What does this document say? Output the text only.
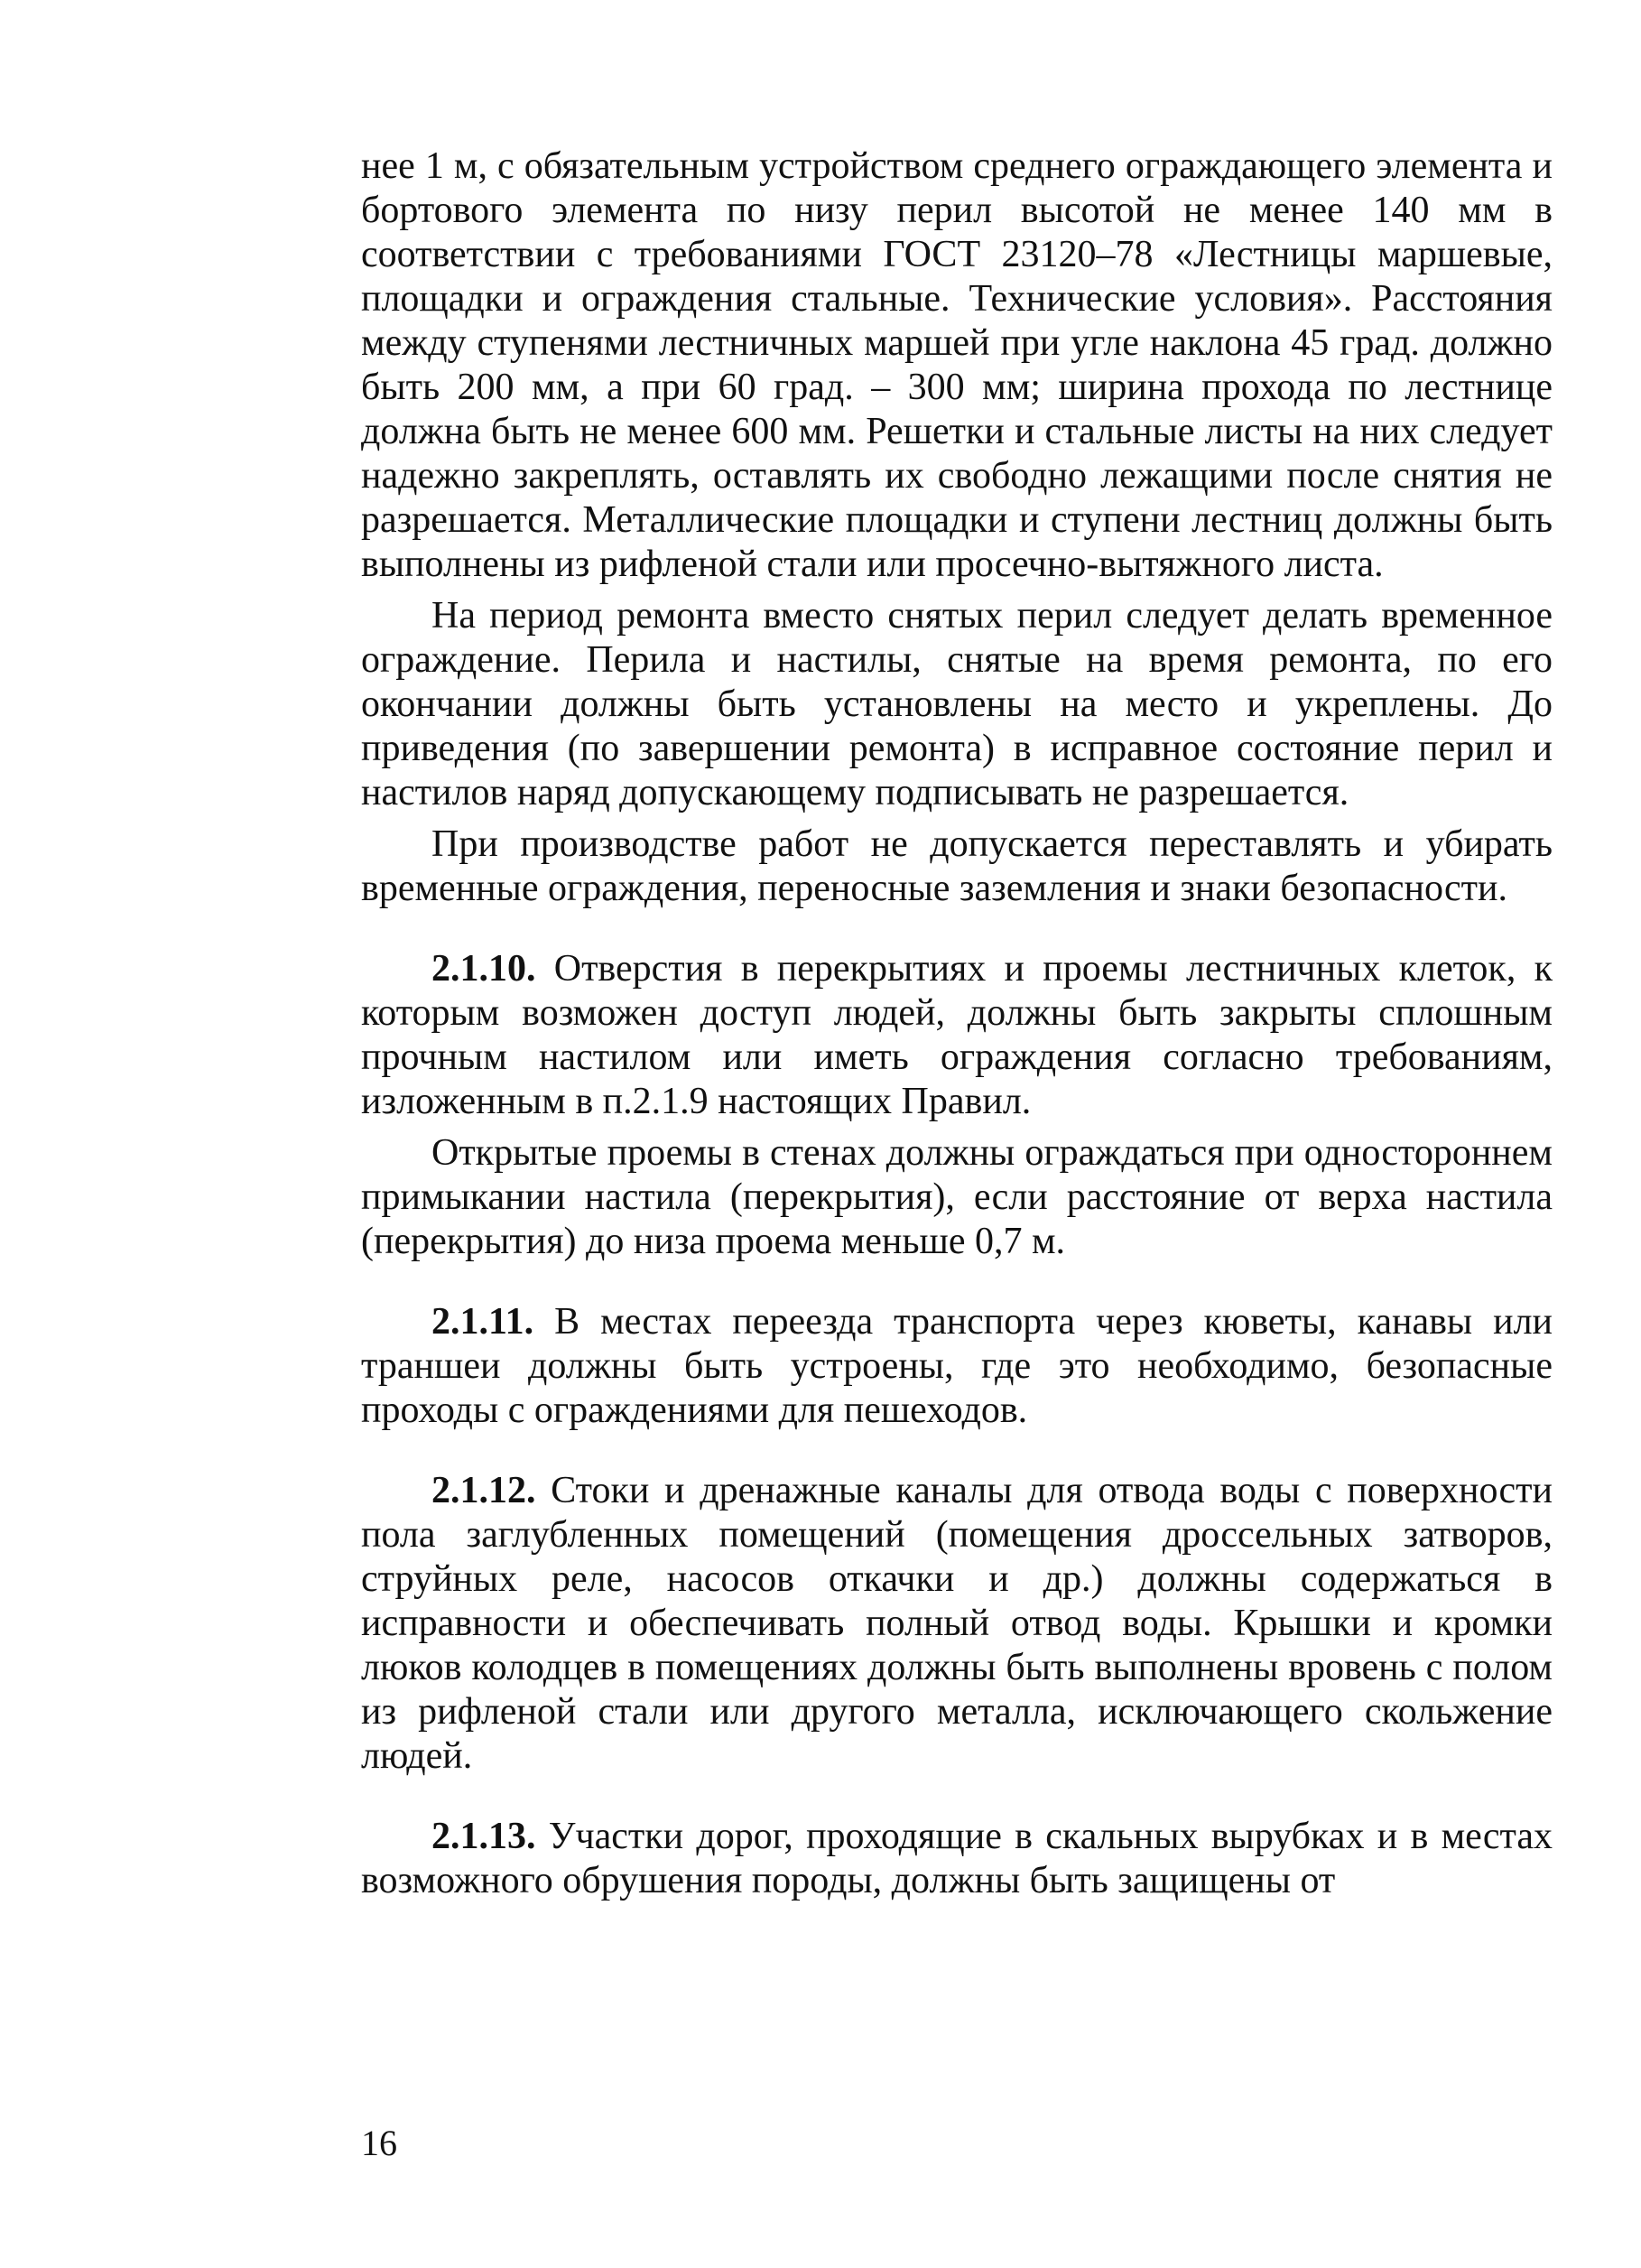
нее 1 м, с обязательным устройством среднего ограждающего элемента и бортового элемента по низу перил высотой не менее 140 мм в соответствии с требованиями ГОСТ 23120–78 «Лестницы маршевые, площадки и ограждения стальные. Технические условия». Расстояния между ступенями лестничных маршей при угле наклона 45 град. должно быть 200 мм, а при 60 град. – 300 мм; ширина прохода по лестнице должна быть не менее 600 мм. Решетки и стальные листы на них следует надежно закреплять, оставлять их свободно лежащими после снятия не разрешается. Металлические площадки и ступени лестниц должны быть выполнены из рифленой стали или просечно-вытяжного листа.

На период ремонта вместо снятых перил следует делать временное ограждение. Перила и настилы, снятые на время ремонта, по его окончании должны быть установлены на место и укреплены. До приведения (по завершении ремонта) в исправное состояние перил и настилов наряд допускающему подписывать не разрешается.

При производстве работ не допускается переставлять и убирать временные ограждения, переносные заземления и знаки безопасности.

2.1.10. Отверстия в перекрытиях и проемы лестничных клеток, к которым возможен доступ людей, должны быть закрыты сплошным прочным настилом или иметь ограждения согласно требованиям, изложенным в п.2.1.9 настоящих Правил.

Открытые проемы в стенах должны ограждаться при одностороннем примыкании настила (перекрытия), если расстояние от верха настила (перекрытия) до низа проема меньше 0,7 м.

2.1.11. В местах переезда транспорта через кюветы, канавы или траншеи должны быть устроены, где это необходимо, безопасные проходы с ограждениями для пешеходов.

2.1.12. Стоки и дренажные каналы для отвода воды с поверхности пола заглубленных помещений (помещения дроссельных затворов, струйных реле, насосов откачки и др.) должны содержаться в исправности и обеспечивать полный отвод воды. Крышки и кромки люков колодцев в помещениях должны быть выполнены вровень с полом из рифленой стали или другого металла, исключающего скольжение людей.

2.1.13. Участки дорог, проходящие в скальных вырубках и в местах возможного обрушения породы, должны быть защищены от

16
